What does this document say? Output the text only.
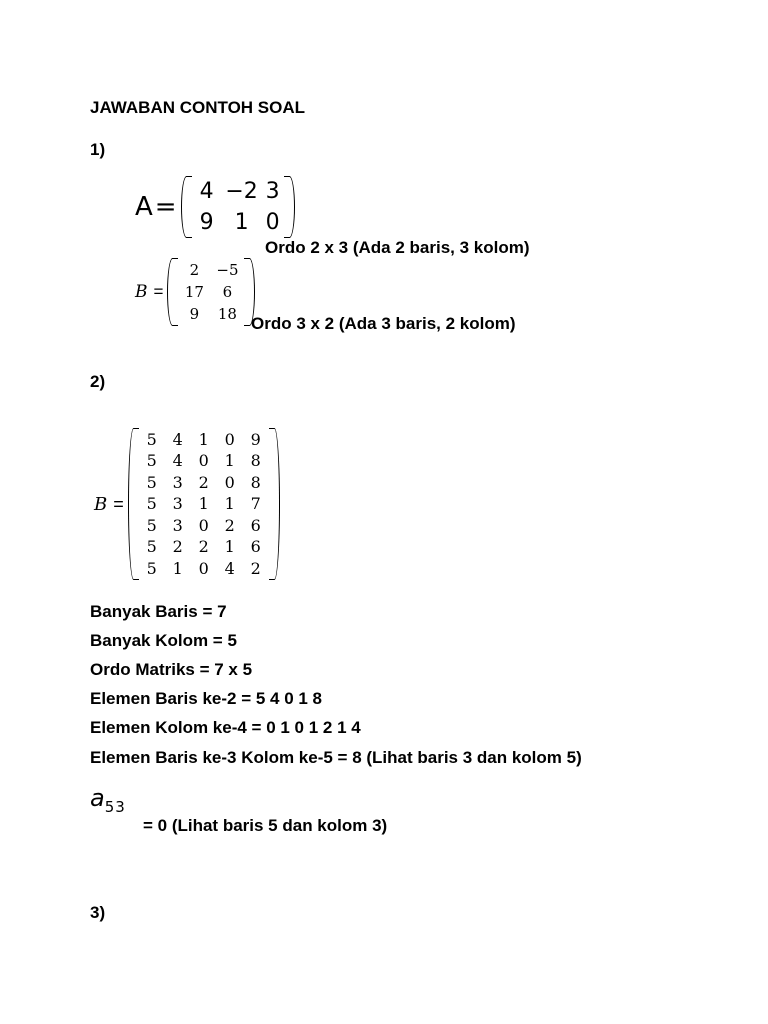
JAWABAN CONTOH SOAL
1)
A =
4 −2 3
9 1 0
Ordo 2 x 3 (Ada 2 baris, 3 kolom)
B =
2	−5
17	6
9	18 Ordo 3 x 2 (Ada 3 baris, 2 kolom)
2)
B =
5 4 1 0 9
5 4 0 1 8
5 3 2 0 8
5 3 1 1 7
5 3 0 2 6
5 2 2 1 6
5 1 0 4 2
Banyak Baris = 7
Banyak Kolom = 5
Ordo Matriks = 7 x 5
Elemen Baris ke-2 = 5 4 0 1 8
Elemen Kolom ke-4 = 0 1 0 1 2 1 4
Elemen Baris ke-3 Kolom ke-5 = 8 (Lihat baris 3 dan kolom 5)
a53
= 0 (Lihat baris 5 dan kolom 3)
3)
